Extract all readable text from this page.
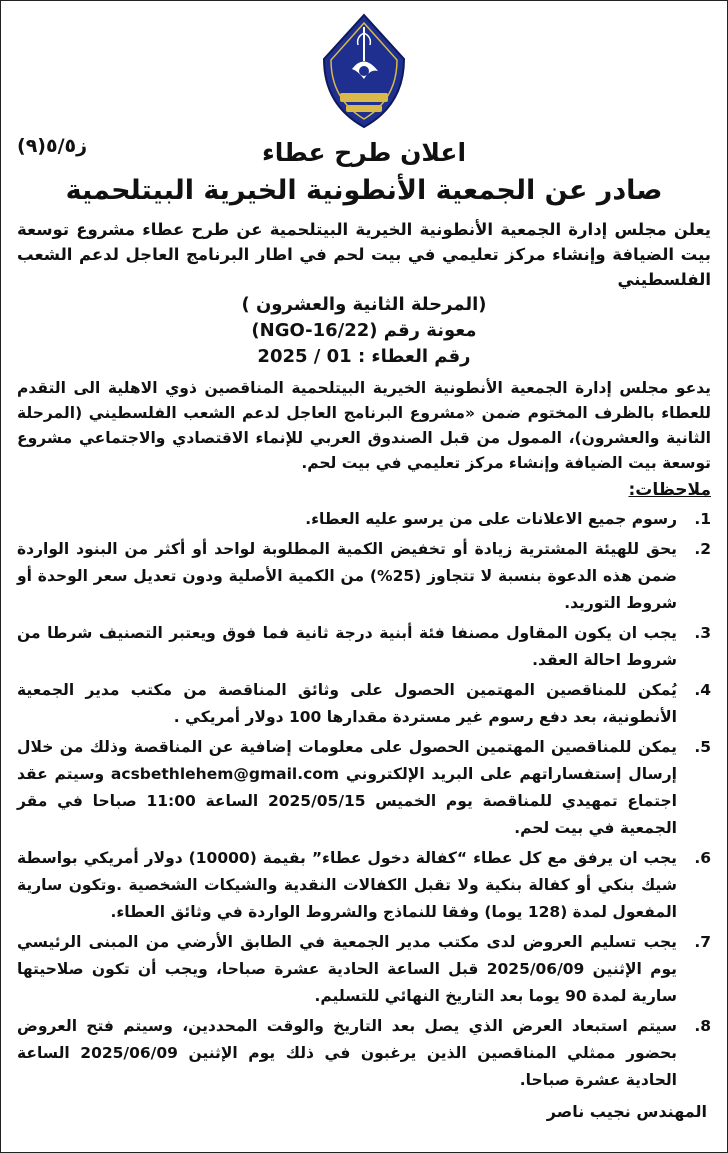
ز٥/٥(٩)	اعلان طرح عطاء
صادر عن الجمعية الأنطونية الخيرية البيتلحمية
يعلن مجلس إدارة الجمعية الأنطونية الخيرية البيتلحمية عن طرح عطاء مشروع توسعة بيت الضيافة وإنشاء مركز تعليمي في بيت لحم في اطار البرنامج العاجل لدعم الشعب الفلسطيني
(المرحلة الثانية والعشرون )
معونة رقم (22/NGO-16)
رقم العطاء : 01 / 2025
يدعو مجلس إدارة الجمعية الأنطونية الخيرية البيتلحمية المناقصين ذوي الاهلية الى التقدم للعطاء بالظرف المختوم ضمن «مشروع البرنامج العاجل لدعم الشعب الفلسطيني (المرحلة الثانية والعشرون)، الممول من قبل الصندوق العربي للإنماء الاقتصادي والاجتماعي مشروع توسعة بيت الضيافة وإنشاء مركز تعليمي في بيت لحم.
ملاحظات:
1.
رسوم جميع الاعلانات على من يرسو عليه العطاء.
2.
يحق للهيئة المشترية زيادة أو تخفيض الكمية المطلوبة لواحد أو أكثر من البنود الواردة ضمن هذه الدعوة بنسبة لا تتجاوز (25%) من الكمية الأصلية ودون تعديل سعر الوحدة أو شروط التوريد.
3.
يجب ان يكون المقاول مصنفا فئة أبنية درجة ثانية فما فوق ويعتبر التصنيف شرطا من شروط احالة العقد.
4.
يُمكن للمناقصين المهتمين الحصول على وثائق المناقصة من مكتب مدير الجمعية الأنطونية، بعد دفع رسوم غير مستردة مقدارها 100 دولار أمريكي .
5.
يمكن للمناقصين المهتمين الحصول على معلومات إضافية عن المناقصة وذلك من خلال إرسال إستفساراتهم على البريد الإلكتروني acsbethlehem@gmail.com وسيتم عقد اجتماع تمهيدي للمناقصة يوم الخميس 2025/05/15 الساعة 11:00 صباحا في مقر الجمعية في بيت لحم.
6.
يجب ان يرفق مع كل عطاء “كفالة دخول عطاء” بقيمة (10000) دولار أمريكي بواسطة شيك بنكي أو كفالة بنكية ولا تقبل الكفالات النقدية والشيكات الشخصية .وتكون سارية المفعول لمدة (128 يوما) وفقا للنماذج والشروط الواردة في وثائق العطاء.
7.
يجب تسليم العروض لدى مكتب مدير الجمعية في الطابق الأرضي من المبنى الرئيسي يوم الإثنين 2025/06/09 قبل الساعة الحادية عشرة صباحا، ويجب أن تكون صلاحيتها سارية لمدة 90 يوما بعد التاريخ النهائي للتسليم.
8.
سيتم استبعاد العرض الذي يصل بعد التاريخ والوقت المحددين، وسيتم فتح العروض بحضور ممثلي المناقصين الذين يرغبون في ذلك يوم الإثنين 2025/06/09 الساعة الحادية عشرة صباحا.
المهندس نجيب ناصر
